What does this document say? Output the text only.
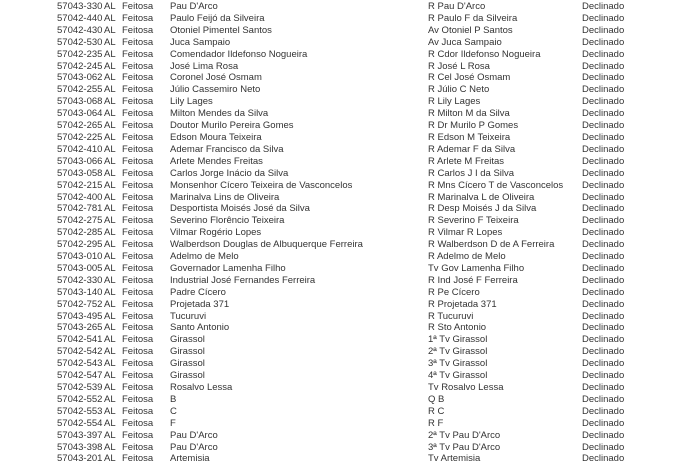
57043-330 AL Feitosa	Pau D'Arco	R Pau D'Arco	Declinado
57042-440 AL Feitosa	Paulo Feijó da Silveira	R Paulo F da Silveira	Declinado
57042-430 AL Feitosa	Otoniel Pimentel Santos	Av Otoniel P Santos	Declinado
57042-530 AL Feitosa	Juca Sampaio	Av Juca Sampaio	Declinado
57042-235 AL Feitosa	Comendador Ildefonso Nogueira	R Cdor Ildefonso Nogueira	Declinado
57042-245 AL Feitosa	José Lima Rosa	R José L Rosa	Declinado
57043-062 AL Feitosa	Coronel José Osmam	R Cel José Osmam	Declinado
57042-255 AL Feitosa	Júlio Cassemiro Neto	R Júlio C Neto	Declinado
57043-068 AL Feitosa	Lily Lages	R Lily Lages	Declinado
57043-064 AL Feitosa	Milton Mendes da Silva	R Milton M da Silva	Declinado
57042-265 AL Feitosa	Doutor Murilo Pereira Gomes	R Dr Murilo P Gomes	Declinado
57042-225 AL Feitosa	Edson Moura Teixeira	R Edson M Teixeira	Declinado
57042-410 AL Feitosa	Ademar Francisco da Silva	R Ademar F da Silva	Declinado
57043-066 AL Feitosa	Arlete Mendes Freitas	R Arlete M Freitas	Declinado
57043-058 AL Feitosa	Carlos Jorge Inácio da Silva	R Carlos J I da Silva	Declinado
57042-215 AL Feitosa	Monsenhor Cícero Teixeira de Vasconcelos	R Mns Cícero T de Vasconcelos	Declinado
57042-400 AL Feitosa	Marinalva Lins de Oliveira	R Marinalva L de Oliveira	Declinado
57042-781 AL Feitosa	Desportista Moisés José da Silva	R Desp Moisés J da Silva	Declinado
57042-275 AL Feitosa	Severino Florêncio Teixeira	R Severino F Teixeira	Declinado
57042-285 AL Feitosa	Vilmar Rogério Lopes	R Vilmar R Lopes	Declinado
57042-295 AL Feitosa	Walberdson Douglas de Albuquerque Ferreira	R Walberdson D de A Ferreira	Declinado
57043-010 AL Feitosa	Adelmo de Melo	R Adelmo de Melo	Declinado
57043-005 AL Feitosa	Governador Lamenha Filho	Tv Gov Lamenha Filho	Declinado
57042-330 AL Feitosa	Industrial José Fernandes Ferreira	R Ind José F Ferreira	Declinado
57043-140 AL Feitosa	Padre Cícero	R Pe Cícero	Declinado
57042-752 AL Feitosa	Projetada 371	R Projetada 371	Declinado
57043-495 AL Feitosa	Tucuruvi	R Tucuruvi	Declinado
57043-265 AL Feitosa	Santo Antonio	R Sto Antonio	Declinado
57042-541 AL Feitosa	Girassol	1ª Tv Girassol	Declinado
57042-542 AL Feitosa	Girassol	2ª Tv Girassol	Declinado
57042-543 AL Feitosa	Girassol	3ª Tv Girassol	Declinado
57042-547 AL Feitosa	Girassol	4ª Tv Girassol	Declinado
57042-539 AL Feitosa	Rosalvo Lessa	Tv Rosalvo Lessa	Declinado
57042-552 AL Feitosa	B	Q B	Declinado
57042-553 AL Feitosa	C	R C	Declinado
57042-554 AL Feitosa	F	R F	Declinado
57043-397 AL Feitosa	Pau D'Arco	2ª Tv Pau D'Arco	Declinado
57043-398 AL Feitosa	Pau D'Arco	3ª Tv Pau D'Arco	Declinado
57043-201 AL Feitosa	Artemisia	Tv Artemisia	Declinado
